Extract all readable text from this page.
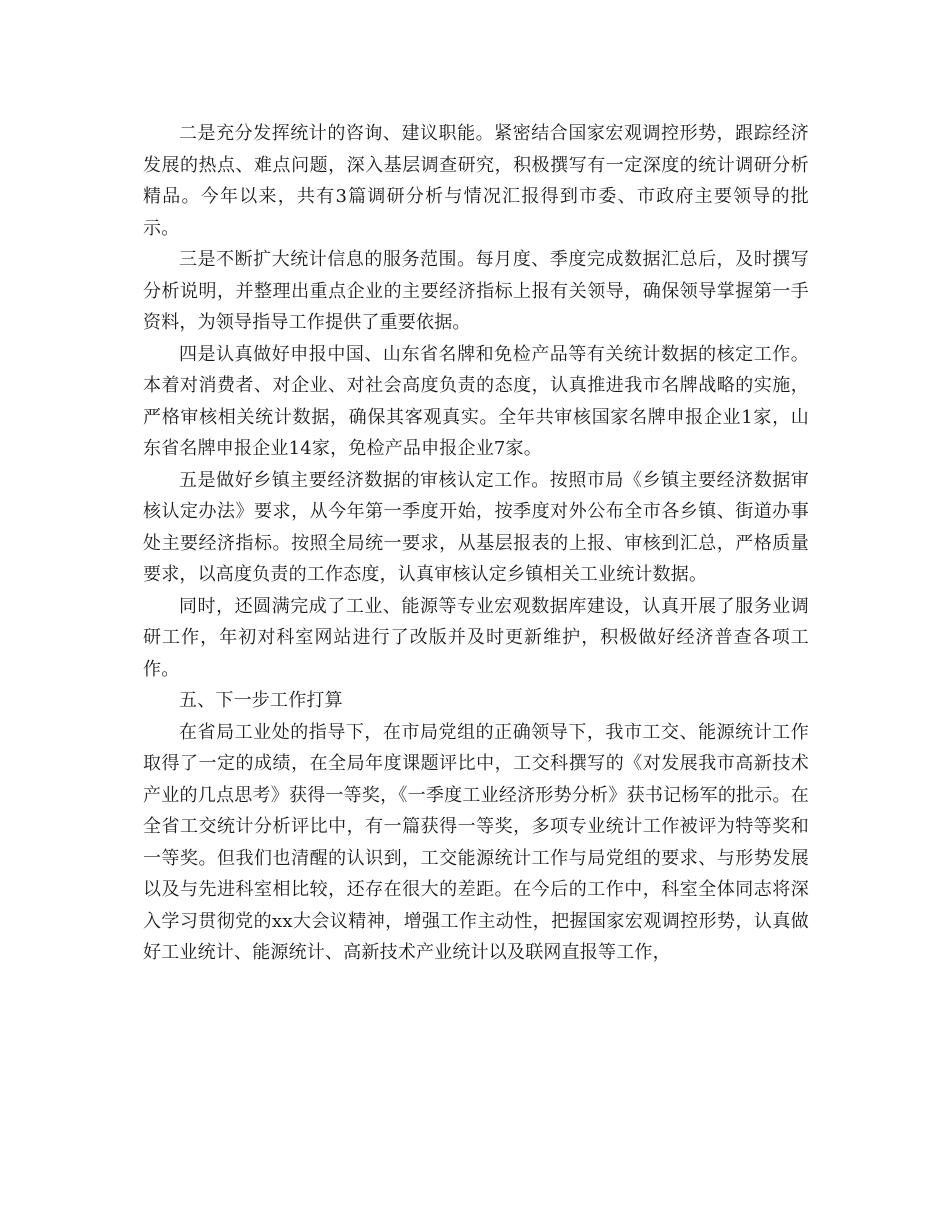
二是充分发挥统计的咨询、建议职能。紧密结合国家宏观调控形势，跟踪经济发展的热点、难点问题，深入基层调查研究，积极撰写有一定深度的统计调研分析精品。今年以来，共有3篇调研分析与情况汇报得到市委、市政府主要领导的批示。

三是不断扩大统计信息的服务范围。每月度、季度完成数据汇总后，及时撰写分析说明，并整理出重点企业的主要经济指标上报有关领导，确保领导掌握第一手资料，为领导指导工作提供了重要依据。

四是认真做好申报中国、山东省名牌和免检产品等有关统计数据的核定工作。本着对消费者、对企业、对社会高度负责的态度，认真推进我市名牌战略的实施，严格审核相关统计数据，确保其客观真实。全年共审核国家名牌申报企业1家，山东省名牌申报企业14家，免检产品申报企业7家。

五是做好乡镇主要经济数据的审核认定工作。按照市局《乡镇主要经济数据审核认定办法》要求，从今年第一季度开始，按季度对外公布全市各乡镇、街道办事处主要经济指标。按照全局统一要求，从基层报表的上报、审核到汇总，严格质量要求，以高度负责的工作态度，认真审核认定乡镇相关工业统计数据。

同时，还圆满完成了工业、能源等专业宏观数据库建设，认真开展了服务业调研工作，年初对科室网站进行了改版并及时更新维护，积极做好经济普查各项工作。

五、下一步工作打算

在省局工业处的指导下，在市局党组的正确领导下，我市工交、能源统计工作取得了一定的成绩，在全局年度课题评比中，工交科撰写的《对发展我市高新技术产业的几点思考》获得一等奖，《一季度工业经济形势分析》获书记杨军的批示。在全省工交统计分析评比中，有一篇获得一等奖，多项专业统计工作被评为特等奖和一等奖。但我们也清醒的认识到，工交能源统计工作与局党组的要求、与形势发展以及与先进科室相比较，还存在很大的差距。在今后的工作中，科室全体同志将深入学习贯彻党的xx大会议精神，增强工作主动性，把握国家宏观调控形势，认真做好工业统计、能源统计、高新技术产业统计以及联网直报等工作，
